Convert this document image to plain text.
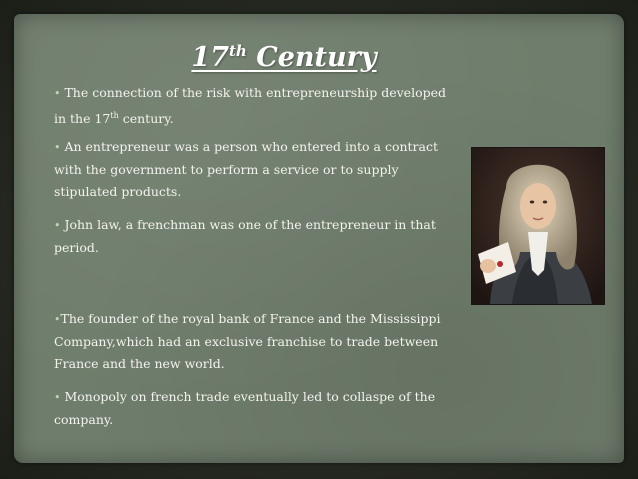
17th Century
• The connection of the risk with entrepreneurship developed in the 17th century.
• An entrepreneur was a person who entered into a contract with the government to perform a service or to supply stipulated products.
• John law, a frenchman was one of the entrepreneur in that period.
•The founder of the royal bank of France and the Mississippi Company,which had an exclusive franchise to trade between France and the new world.
• Monopoly on french trade eventually led to collaspe of the company.
